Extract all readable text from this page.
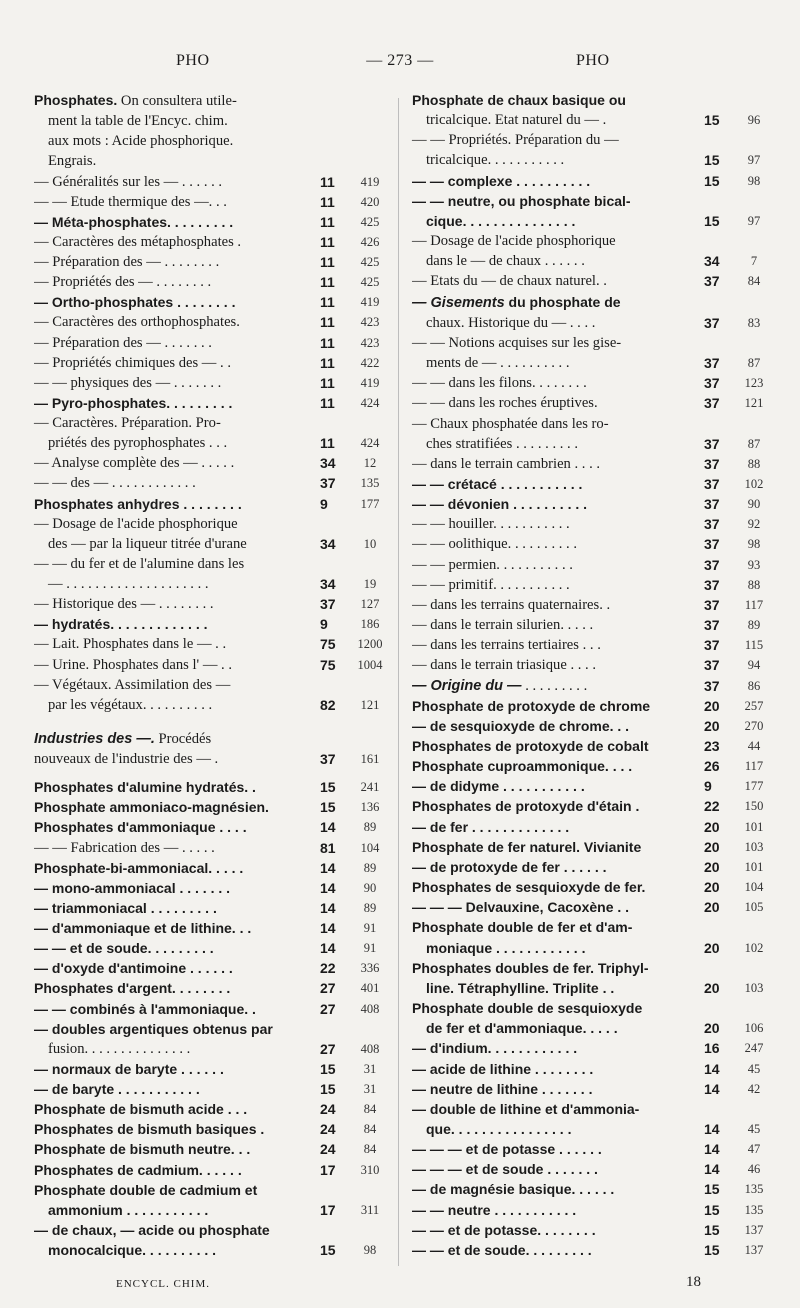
PHO	— 273 —	PHO
Phosphates. On consultera utile-
ment la table de l'Encyc. chim.
aux mots : Acide phosphorique.
Engrais.
— Généralités sur les — . . . . . .	11	419
— — Etude thermique des —. . .	11	420
— Méta-phosphates. . . . . . . . .	11	425
— Caractères des métaphosphates .	11	426
— Préparation des — . . . . . . . .	11	425
— Propriétés des — . . . . . . . .	11	425
— Ortho-phosphates . . . . . . . .	11	419
— Caractères des orthophosphates.	11	423
— Préparation des — . . . . . . .	11	423
— Propriétés chimiques des — . .	11	422
— — physiques des — . . . . . . .	11	419
— Pyro-phosphates. . . . . . . . .	11	424
— Caractères. Préparation. Pro-
priétés des pyrophosphates . . .	11	424
— Analyse complète des — . . . . .	34	12
— — des — . . . . . . . . . . . .	37	135
Phosphates anhydres . . . . . . . .	9	177
— Dosage de l'acide phosphorique
des — par la liqueur titrée d'urane	34	10
— — du fer et de l'alumine dans les
— . . . . . . . . . . . . . . . . . . . .	34	19
— Historique des — . . . . . . . .	37	127
— hydratés. . . . . . . . . . . . .	9	186
— Lait. Phosphates dans le — . .	75	1200
— Urine. Phosphates dans l' — . .	75	1004
— Végétaux. Assimilation des —
par les végétaux. . . . . . . . . .	82	121
Industries des —. Procédés
nouveaux de l'industrie des — .	37	161
Phosphates d'alumine hydratés. .	15	241
Phosphate ammoniaco-magnésien.	15	136
Phosphates d'ammoniaque . . . .	14	89
— — Fabrication des — . . . . .	81	104
Phosphate-bi-ammoniacal. . . . .	14	89
— mono-ammoniacal . . . . . . .	14	90
— triammoniacal . . . . . . . . .	14	89
— d'ammoniaque et de lithine. . .	14	91
— — et de soude. . . . . . . . .	14	91
— d'oxyde d'antimoine . . . . . .	22	336
Phosphates d'argent. . . . . . . .	27	401
— — combinés à l'ammoniaque. .	27	408
— doubles argentiques obtenus par
fusion. . . . . . . . . . . . . . .	27	408
— normaux de baryte . . . . . .	15	31
— de baryte . . . . . . . . . . .	15	31
Phosphate de bismuth acide . . .	24	84
Phosphates de bismuth basiques .	24	84
Phosphate de bismuth neutre. . .	24	84
Phosphates de cadmium. . . . . .	17	310
Phosphate double de cadmium et
ammonium . . . . . . . . . . .	17	311
— de chaux, — acide ou phosphate
monocalcique. . . . . . . . . .	15	98
Phosphate de chaux basique ou
tricalcique. Etat naturel du — .	15	96
— — Propriétés. Préparation du —
tricalcique. . . . . . . . . . .	15	97
— — complexe . . . . . . . . . .	15	98
— — neutre, ou phosphate bical-
cique. . . . . . . . . . . . . . .	15	97
— Dosage de l'acide phosphorique
dans le — de chaux . . . . . .	34	7
— Etats du — de chaux naturel. .	37	84
— Gisements du phosphate de
chaux. Historique du — . . . .	37	83
— — Notions acquises sur les gise-
ments de — . . . . . . . . . .	37	87
— — dans les filons. . . . . . . .	37	123
— — dans les roches éruptives.	37	121
— Chaux phosphatée dans les ro-
ches stratifiées . . . . . . . . .	37	87
— dans le terrain cambrien . . . .	37	88
— — crétacé . . . . . . . . . . .	37	102
— — dévonien . . . . . . . . . .	37	90
— — houiller. . . . . . . . . . .	37	92
— — oolithique. . . . . . . . . .	37	98
— — permien. . . . . . . . . . .	37	93
— — primitif. . . . . . . . . . .	37	88
— dans les terrains quaternaires. .	37	117
— dans le terrain silurien. . . . .	37	89
— dans les terrains tertiaires . . .	37	115
— dans le terrain triasique . . . .	37	94
— Origine du — . . . . . . . . .	37	86
Phosphate de protoxyde de chrome	20	257
— de sesquioxyde de chrome. . .	20	270
Phosphates de protoxyde de cobalt	23	44
Phosphate cuproammonique. . . .	26	117
— de didyme . . . . . . . . . . .	9	177
Phosphates de protoxyde d'étain .	22	150
— de fer . . . . . . . . . . . . .	20	101
Phosphate de fer naturel. Vivianite	20	103
— de protoxyde de fer . . . . . .	20	101
Phosphates de sesquioxyde de fer.	20	104
— — — Delvauxine, Cacoxène . .	20	105
Phosphate double de fer et d'am-
moniaque . . . . . . . . . . . .	20	102
Phosphates doubles de fer. Triphyl-
line. Tétraphylline. Triplite . .	20	103
Phosphate double de sesquioxyde
de fer et d'ammoniaque. . . . .	20	106
— d'indium. . . . . . . . . . . .	16	247
— acide de lithine . . . . . . . .	14	45
— neutre de lithine . . . . . . .	14	42
— double de lithine et d'ammonia-
que. . . . . . . . . . . . . . . .	14	45
— — — et de potasse . . . . . .	14	47
— — — et de soude . . . . . . .	14	46
— de magnésie basique. . . . . .	15	135
— — neutre . . . . . . . . . . .	15	135
— — et de potasse. . . . . . . .	15	137
— — et de soude. . . . . . . . .	15	137
ENCYCL. CHIM.	18
